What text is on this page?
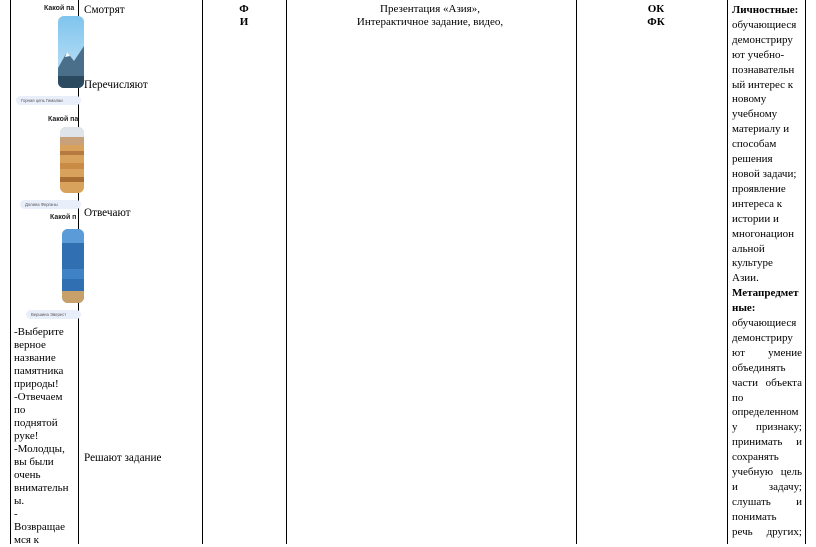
Какой па
Горная цепь Гималаи
Какой па
Долина Ферганы
Какой п
Вершина Эверест
-Выберите
верное
название
памятника
природы!
-Отвечаем
по
поднятой
руке!
-Молодцы,
вы были
очень
внимательн
ы.
-
Возвращае
мся к
Смотрят
Перечисляют
Отвечают
Решают задание
Ф
И
Презентация «Азия»,
Интерактичное задание, видео,
ОК
ФК
Личностные:
обучающиеся
демонстриру
ют учебно-
познавательн
ый интерес к
новому
учебному
материалу и
способам
решения
новой задачи;
проявление
интереса к
истории и
многонацион
альной
культуре
Азии.
Метапредмет
ные:
обучающиеся
демонстриру
ют умение
объединять
части объекта
по
определенном
у признаку;
принимать и
сохранять
учебную цель
и задачу;
слушать и
понимать
речь других;
